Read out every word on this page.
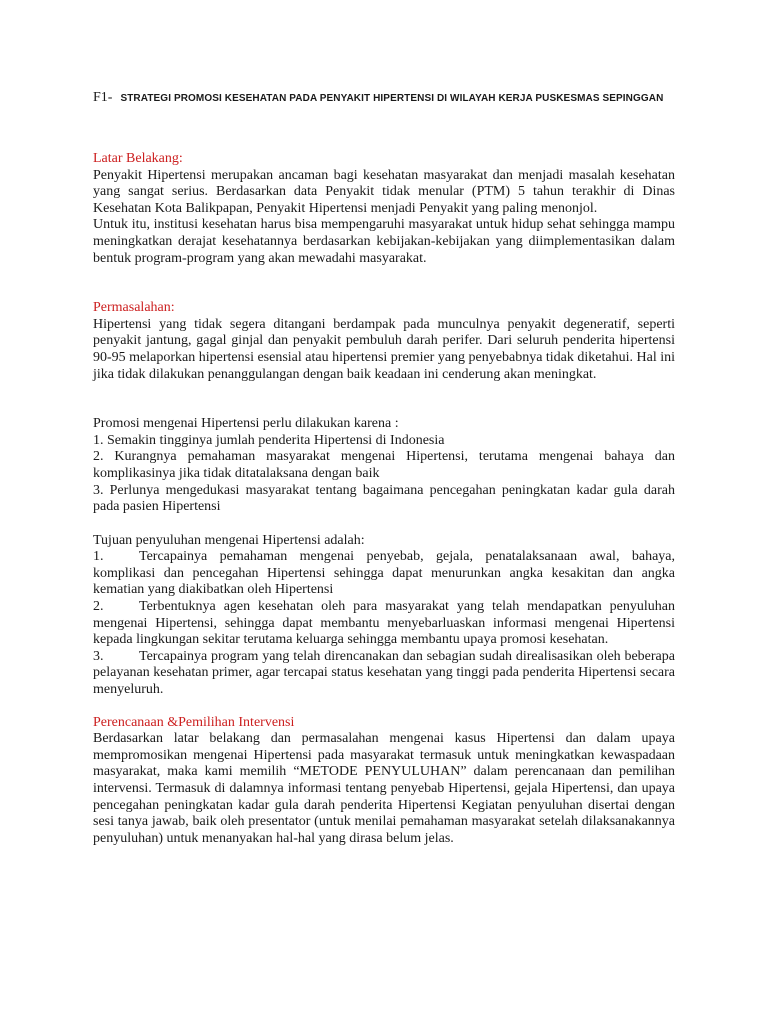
F1- STRATEGI PROMOSI KESEHATAN PADA PENYAKIT HIPERTENSI DI WILAYAH KERJA PUSKESMAS SEPINGGAN
Latar Belakang:

Penyakit Hipertensi merupakan ancaman bagi kesehatan masyarakat dan menjadi masalah kesehatan yang sangat serius. Berdasarkan data Penyakit tidak menular (PTM) 5 tahun terakhir di Dinas Kesehatan Kota Balikpapan, Penyakit Hipertensi menjadi Penyakit yang paling menonjol.

Untuk itu, institusi kesehatan harus bisa mempengaruhi masyarakat untuk hidup sehat sehingga mampu meningkatkan derajat kesehatannya berdasarkan kebijakan-kebijakan yang diimplementasikan dalam bentuk program-program yang akan mewadahi masyarakat.

Permasalahan:

Hipertensi yang tidak segera ditangani berdampak pada munculnya penyakit degeneratif, seperti penyakit jantung, gagal ginjal dan penyakit pembuluh darah perifer. Dari seluruh penderita hipertensi 90-95 melaporkan hipertensi esensial atau hipertensi premier yang penyebabnya tidak diketahui. Hal ini jika tidak dilakukan penanggulangan dengan baik keadaan ini cenderung akan meningkat.

Promosi mengenai Hipertensi perlu dilakukan karena :

1. Semakin tingginya jumlah penderita Hipertensi di Indonesia
2. Kurangnya pemahaman masyarakat mengenai Hipertensi, terutama mengenai bahaya dan komplikasinya jika tidak ditatalaksana dengan baik
3. Perlunya mengedukasi masyarakat tentang bagaimana pencegahan peningkatan kadar gula darah pada pasien Hipertensi

Tujuan penyuluhan mengenai Hipertensi adalah:

1.	Tercapainya pemahaman mengenai penyebab, gejala, penatalaksanaan awal, bahaya, komplikasi dan pencegahan Hipertensi sehingga dapat menurunkan angka kesakitan dan angka kematian yang diakibatkan oleh Hipertensi

2.	Terbentuknya agen kesehatan oleh para masyarakat yang telah mendapatkan penyuluhan mengenai Hipertensi, sehingga dapat membantu menyebarluaskan informasi mengenai Hipertensi kepada lingkungan sekitar terutama keluarga sehingga membantu upaya promosi kesehatan.

3.	Tercapainya program yang telah direncanakan dan sebagian sudah direalisasikan oleh beberapa pelayanan kesehatan primer, agar tercapai status kesehatan yang tinggi pada penderita Hipertensi secara menyeluruh.

Perencanaan &Pemilihan Intervensi

Berdasarkan latar belakang dan permasalahan mengenai kasus Hipertensi dan dalam upaya mempromosikan mengenai Hipertensi pada masyarakat termasuk untuk meningkatkan kewaspadaan masyarakat, maka kami memilih “METODE PENYULUHAN” dalam perencanaan dan pemilihan intervensi. Termasuk di dalamnya informasi tentang penyebab Hipertensi, gejala Hipertensi, dan upaya pencegahan peningkatan kadar gula darah penderita Hipertensi Kegiatan penyuluhan disertai dengan sesi tanya jawab, baik oleh presentator (untuk menilai pemahaman masyarakat setelah dilaksanakannya penyuluhan) untuk menanyakan hal-hal yang dirasa belum jelas.
